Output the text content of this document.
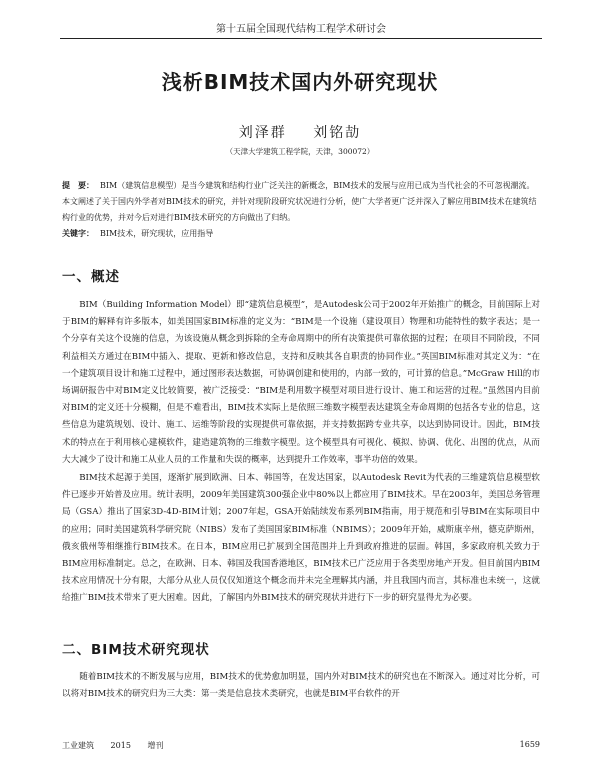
第十五届全国现代结构工程学术研讨会
浅析BIM技术国内外研究现状
刘泽群 刘铭劼
（天津大学建筑工程学院，天津，300072）
提　要： BIM（建筑信息模型）是当今建筑和结构行业广泛关注的新概念，BIM技术的发展与应用已成为当代社会的不可忽视潮流。本文阐述了关于国内外学者对BIM技术的研究，并针对现阶段研究状况进行分析，使广大学者更广泛并深入了解应用BIM技术在建筑结构行业的优势，并对今后对进行BIM技术研究的方向做出了归纳。
关键字： BIM技术，研究现状，应用指导
一、概述
BIM（Building Information Model）即“建筑信息模型”，是Autodesk公司于2002年开始推广的概念，目前国际上对于BIM的解释有许多版本，如美国国家BIM标准的定义为：“BIM是一个设施（建设项目）物理和功能特性的数字表达；是一个分享有关这个设施的信息，为该设施从概念到拆除的全寿命周期中的所有决策提供可靠依据的过程；在项目不同阶段，不同利益相关方通过在BIM中插入、提取、更新和修改信息，支持和反映其各自职责的协同作业。”英国BIM标准对其定义为：“在一个建筑项目设计和施工过程中，通过图形表达数据，可协调创建和使用的，内部一致的，可计算的信息。”McGraw Hill的市场调研报告中对BIM定义比较简要，被广泛接受：“BIM是利用数字模型对项目进行设计、施工和运营的过程。”虽然国内目前对BIM的定义还十分模糊，但是不难看出，BIM技术实际上是依照三维数字模型表达建筑全寿命周期的包括各专业的信息，这些信息为建筑规划、设计、施工、运维等阶段的实现提供可靠依据，并支持数据跨专业共享，以达到协同设计。因此，BIM技术的特点在于利用核心建模软件，建造建筑物的三维数字模型。这个模型具有可视化、模拟、协调、优化、出图的优点，从而大大减少了设计和施工从业人员的工作量和失误的概率，达到提升工作效率，事半功倍的效果。
BIM技术起源于美国，逐渐扩展到欧洲、日本、韩国等，在发达国家，以Autodesk Revit为代表的三维建筑信息模型软件已逐步开始普及应用。统计表明，2009年美国建筑300强企业中80%以上都应用了BIM技术。早在2003年，美国总务管理局（GSA）推出了国家3D-4D-BIM计划；2007年起，GSA开始陆续发布系列BIM指南，用于规范和引导BIM在实际项目中的应用；同时美国建筑科学研究院（NIBS）发布了美国国家BIM标准（NBIMS）；2009年开始，威斯康辛州，德克萨斯州，俄亥俄州等相继推行BIM技术。在日本，BIM应用已扩展到全国范围并上升到政府推进的层面。韩国，多家政府机关致力于BIM应用标准制定。总之，在欧洲、日本、韩国及我国香港地区，BIM技术已广泛应用于各类型房地产开发。但目前国内BIM技术应用情况十分有限，大部分从业人员仅仅知道这个概念而并未完全理解其内涵，并且我国内而言，其标准也未统一，这就给推广BIM技术带来了更大困难。因此，了解国内外BIM技术的研究现状并进行下一步的研究显得尤为必要。
二、BIM技术研究现状
随着BIM技术的不断发展与应用，BIM技术的优势愈加明显，国内外对BIM技术的研究也在不断深入。通过对比分析，可以将对BIM技术的研究归为三大类：第一类是信息技术类研究，也就是BIM平台软件的开
工业建筑 2015 增刊	1659
